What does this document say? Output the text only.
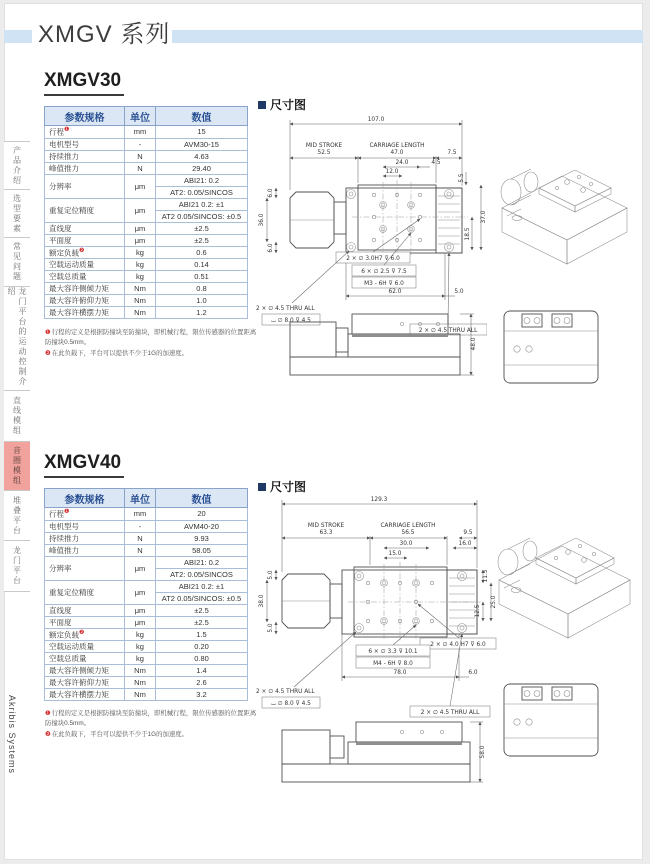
XMGV 系列
产品介绍
选型要素
常见问题
龙门平台的运动控制介绍
直线模组
音圈模组
堆叠平台
龙门平台
Akribis Systems
XMGV30
参数规格	单位	数值
行程$^❶$	mm	15
电机型号	-	AVM30-15
持续推力	N	4.63
峰值推力	N	29.40
分辨率	μm	ABI21: 0.2
		AT2: 0.05/SINCOS
重复定位精度	μm	ABI21 0.2: ±1
		AT2 0.05/SINCOS: ±0.5
直线度	μm	±2.5
平面度	μm	±2.5
额定负载$^❷$	kg	0.6
空载运动质量	kg	0.14
空载总质量	kg	0.51
最大容许侧倾力矩	Nm	0.8
最大容许俯仰力矩	Nm	1.0
最大容许横摆力矩	Nm	1.2
❶行程的定义是根据防撞块至防撞块，即机械行程，限位传感器的位置距离防撞块0.5mm。
❷在此负载下，平台可以提供不少于1G的加速度。
尺寸图
107.0
MID STROKE
52.5
CARRIAGE LENGTH
47.0	7.5
24.0	4.5
12.0
5.5
6.0
36.0
6.0
18.5
37.0
62.0	5.0
2 × ∅ 3.0H7 ⊽ 6.0
6 × ∅ 2.5 ⊽ 7.5
M3 - 6H ⊽ 6.0
2 × ∅ 4.5 THRU ALL
⌴ ∅ 8.0 ⊽ 4.5
2 × ∅ 4.5 THRU ALL
48.0
XMGV40
参数规格	单位	数值
行程$^❶$	mm	20
电机型号	-	AVM40-20
持续推力	N	9.93
峰值推力	N	58.05
分辨率	μm	ABI21: 0.2
		AT2: 0.05/SINCOS
重复定位精度	μm	ABI21 0.2: ±1
		AT2 0.05/SINCOS: ±0.5
直线度	μm	±2.5
平面度	μm	±2.5
额定负载$^❷$	kg	1.5
空载运动质量	kg	0.20
空载总质量	kg	0.80
最大容许侧倾力矩	Nm	1.4
最大容许俯仰力矩	Nm	2.6
最大容许横摆力矩	Nm	3.2
❶行程的定义是根据防撞块至防撞块，即机械行程，限位传感器的位置距离防撞块0.5mm。
❷在此负载下，平台可以提供不少于1G的加速度。
尺寸图
129.3
MID STROKE
63.3
CARRIAGE LENGTH
56.5	9.5
30.0	16.0
15.0
11.5
12.5
25.0
5.0
38.0
5.0
78.0	6.0
2 × ∅ 4.0 H7 ⊽ 6.0
6 × ∅ 3.3 ⊽ 10.1
M4 - 6H ⊽ 8.0
2 × ∅ 4.5 THRU ALL
⌴ ∅ 8.0 ⊽ 4.5
2 × ∅ 4.5 THRU ALL
58.0
